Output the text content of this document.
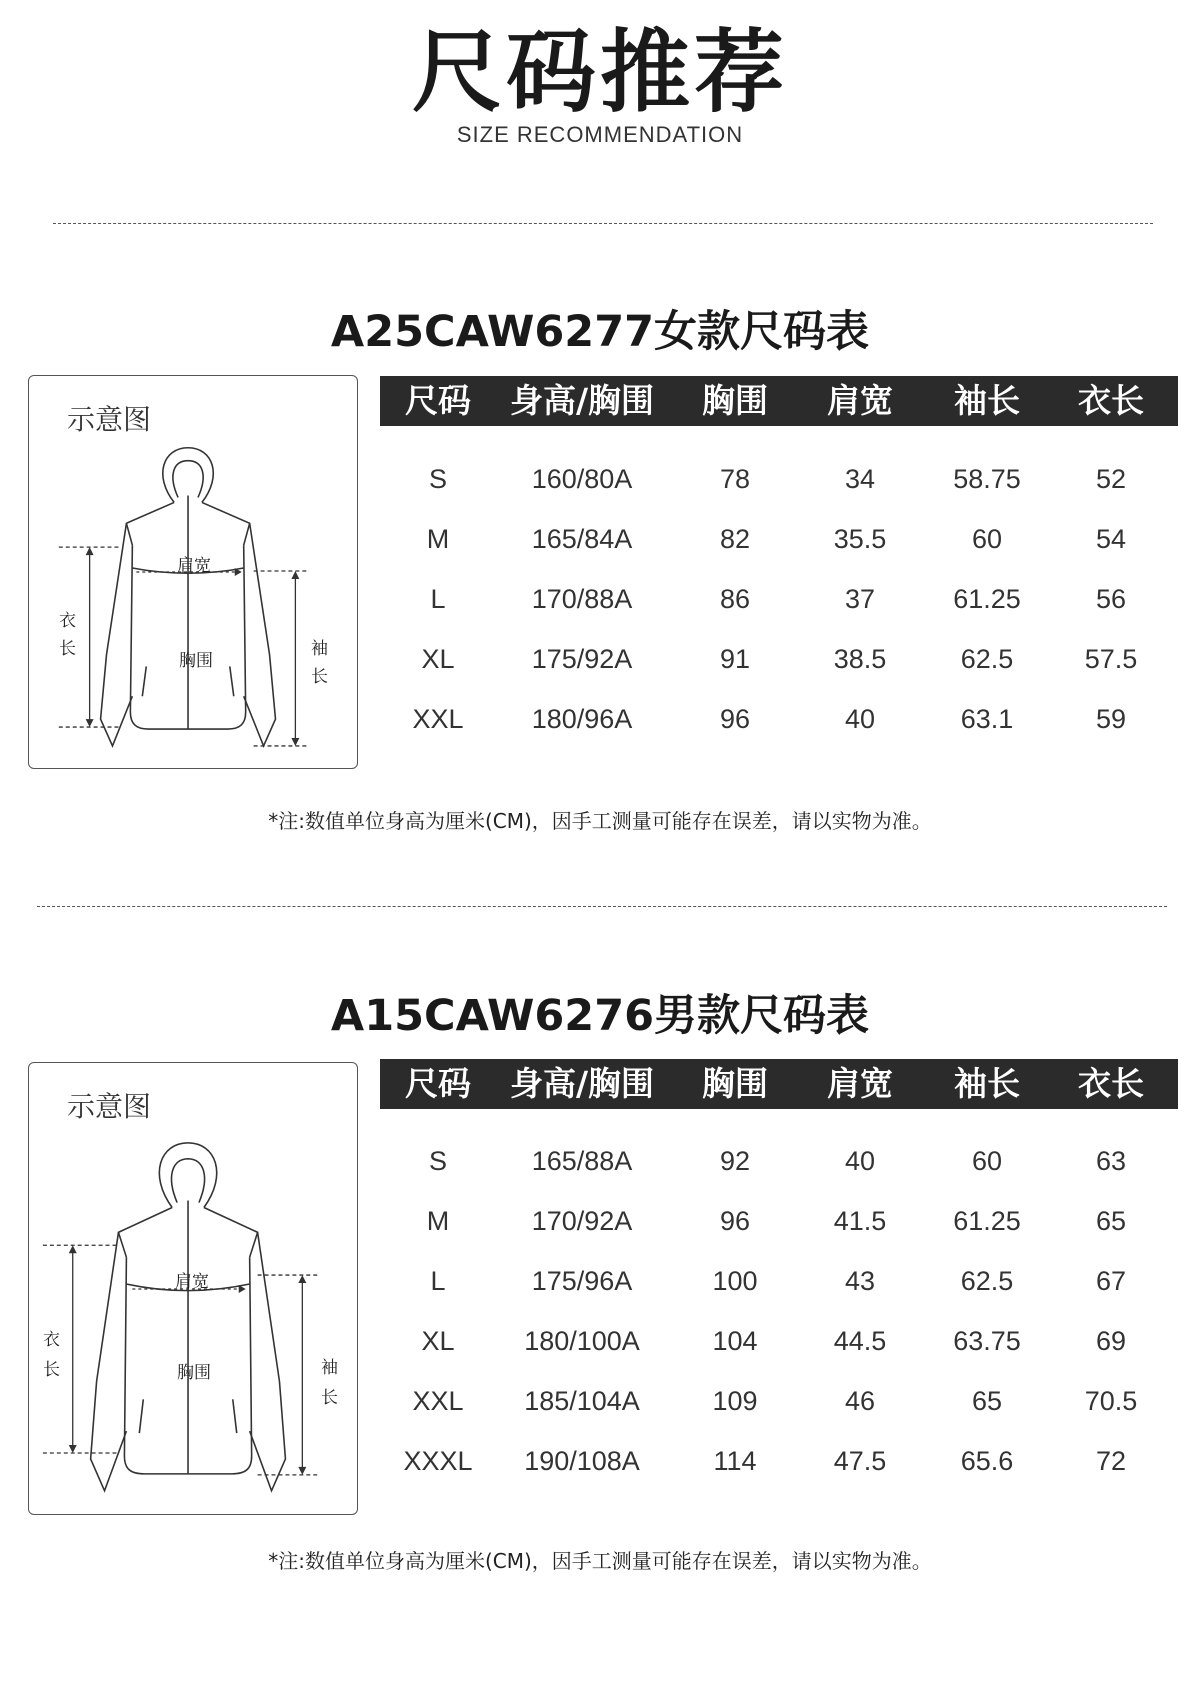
尺码推荐
SIZE RECOMMENDATION
A25CAW6277女款尺码表
示意图
肩宽
胸围
衣
长	袖
长
尺码	身高/胸围	胸围	肩宽	袖长	衣长
S	160/80A	78	34	58.75	52
M	165/84A	82	35.5	60	54
L	170/88A	86	37	61.25	56
XL	175/92A	91	38.5	62.5	57.5
XXL	180/96A	96	40	63.1	59
*注:数值单位身高为厘米(CM)，因手工测量可能存在误差，请以实物为准。
A15CAW6276男款尺码表
示意图
肩宽
胸围
衣
长	袖
长
尺码	身高/胸围	胸围	肩宽	袖长	衣长
S	165/88A	92	40	60	63
M	170/92A	96	41.5	61.25	65
L	175/96A	100	43	62.5	67
XL	180/100A	104	44.5	63.75	69
XXL	185/104A	109	46	65	70.5
XXXL	190/108A	114	47.5	65.6	72
*注:数值单位身高为厘米(CM)，因手工测量可能存在误差，请以实物为准。
